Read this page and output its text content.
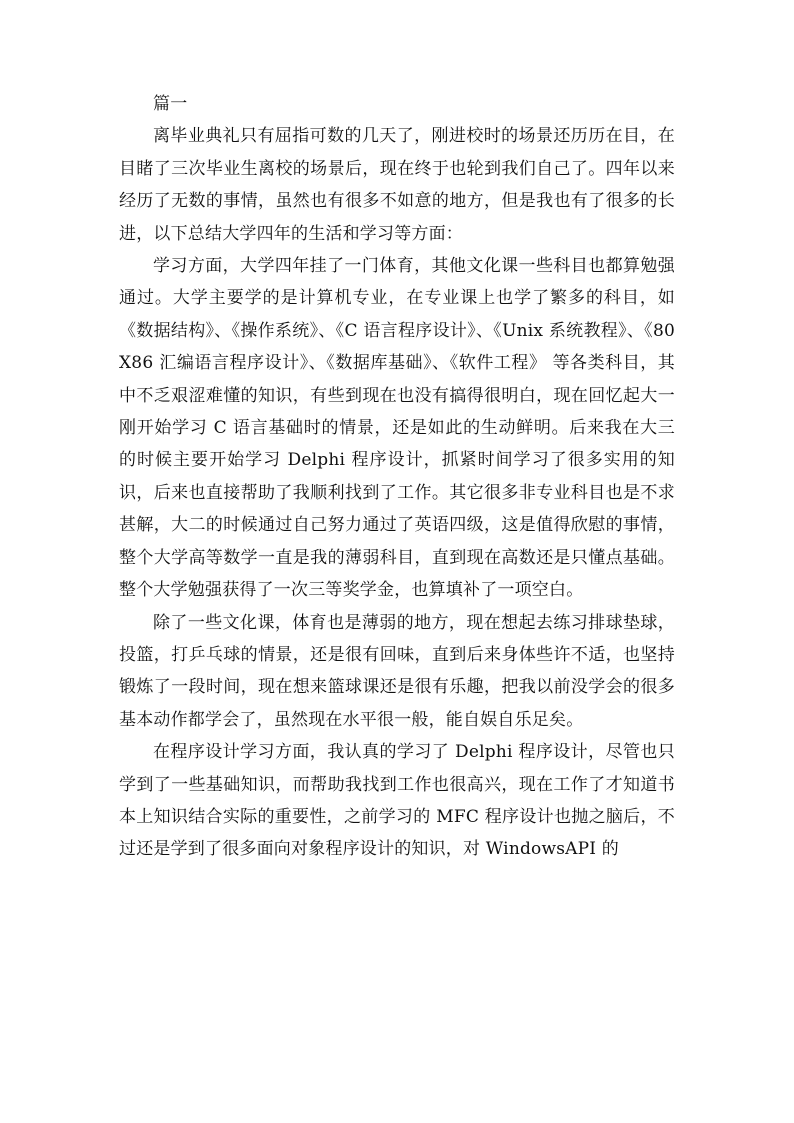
篇一

离毕业典礼只有屈指可数的几天了，刚进校时的场景还历历在目，在目睹了三次毕业生离校的场景后，现在终于也轮到我们自己了。四年以来经历了无数的事情，虽然也有很多不如意的地方，但是我也有了很多的长进，以下总结大学四年的生活和学习等方面：

学习方面，大学四年挂了一门体育，其他文化课一些科目也都算勉强通过。大学主要学的是计算机专业，在专业课上也学了繁多的科目，如《数据结构》、《操作系统》、《C 语言程序设计》、《Unix 系统教程》、《80X86 汇编语言程序设计》、《数据库基础》、《软件工程》 等各类科目，其中不乏艰涩难懂的知识，有些到现在也没有搞得很明白，现在回忆起大一刚开始学习 C 语言基础时的情景，还是如此的生动鲜明。后来我在大三的时候主要开始学习 Delphi 程序设计，抓紧时间学习了很多实用的知识，后来也直接帮助了我顺利找到了工作。其它很多非专业科目也是不求甚解，大二的时候通过自己努力通过了英语四级，这是值得欣慰的事情，整个大学高等数学一直是我的薄弱科目，直到现在高数还是只懂点基础。整个大学勉强获得了一次三等奖学金，也算填补了一项空白。

除了一些文化课，体育也是薄弱的地方，现在想起去练习排球垫球，投篮，打乒乓球的情景，还是很有回味，直到后来身体些许不适，也坚持锻炼了一段时间，现在想来篮球课还是很有乐趣，把我以前没学会的很多基本动作都学会了，虽然现在水平很一般，能自娱自乐足矣。

在程序设计学习方面，我认真的学习了 Delphi 程序设计，尽管也只学到了一些基础知识，而帮助我找到工作也很高兴，现在工作了才知道书本上知识结合实际的重要性，之前学习的 MFC 程序设计也抛之脑后，不过还是学到了很多面向对象程序设计的知识，对 WindowsAPI 的
